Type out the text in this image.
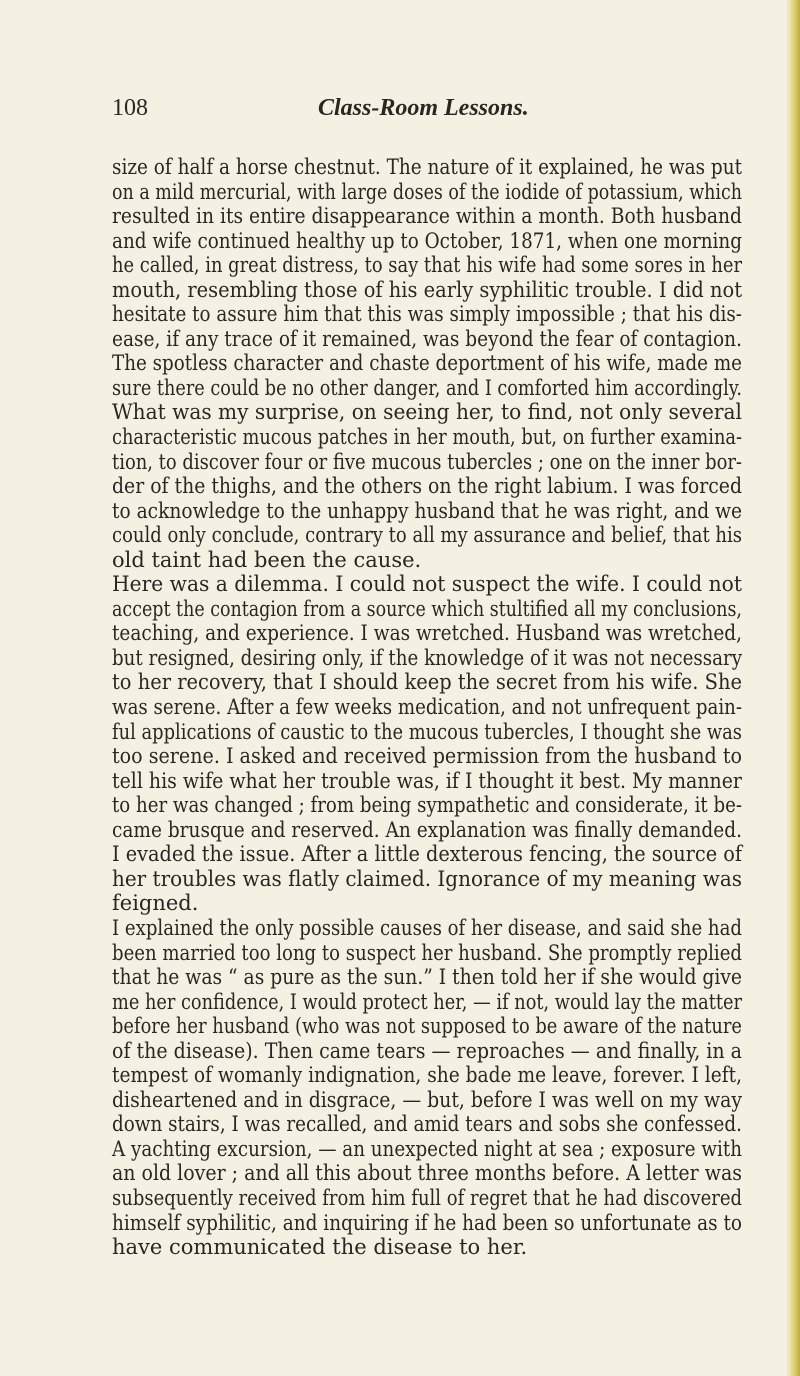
108	Class-Room Lessons.
size of half a horse chestnut. The nature of it explained, he was put
on a mild mercurial, with large doses of the iodide of potassium, which
resulted in its entire disappearance within a month. Both husband
and wife continued healthy up to October, 1871, when one morning
he called, in great distress, to say that his wife had some sores in her
mouth, resembling those of his early syphilitic trouble. I did not
hesitate to assure him that this was simply impossible ; that his dis-
ease, if any trace of it remained, was beyond the fear of contagion.
The spotless character and chaste deportment of his wife, made me
sure there could be no other danger, and I comforted him accordingly.
What was my surprise, on seeing her, to find, not only several
characteristic mucous patches in her mouth, but, on further examina-
tion, to discover four or five mucous tubercles ; one on the inner bor-
der of the thighs, and the others on the right labium. I was forced
to acknowledge to the unhappy husband that he was right, and we
could only conclude, contrary to all my assurance and belief, that his
old taint had been the cause.
Here was a dilemma. I could not suspect the wife. I could not
accept the contagion from a source which stultified all my conclusions,
teaching, and experience. I was wretched. Husband was wretched,
but resigned, desiring only, if the knowledge of it was not necessary
to her recovery, that I should keep the secret from his wife. She
was serene. After a few weeks medication, and not unfrequent pain-
ful applications of caustic to the mucous tubercles, I thought she was
too serene. I asked and received permission from the husband to
tell his wife what her trouble was, if I thought it best. My manner
to her was changed ; from being sympathetic and considerate, it be-
came brusque and reserved. An explanation was finally demanded.
I evaded the issue. After a little dexterous fencing, the source of
her troubles was flatly claimed. Ignorance of my meaning was
feigned.
I explained the only possible causes of her disease, and said she had
been married too long to suspect her husband. She promptly replied
that he was “ as pure as the sun.” I then told her if she would give
me her confidence, I would protect her, — if not, would lay the matter
before her husband (who was not supposed to be aware of the nature
of the disease). Then came tears — reproaches — and finally, in a
tempest of womanly indignation, she bade me leave, forever. I left,
disheartened and in disgrace, — but, before I was well on my way
down stairs, I was recalled, and amid tears and sobs she confessed.
A yachting excursion, — an unexpected night at sea ; exposure with
an old lover ; and all this about three months before. A letter was
subsequently received from him full of regret that he had discovered
himself syphilitic, and inquiring if he had been so unfortunate as to
have communicated the disease to her.
